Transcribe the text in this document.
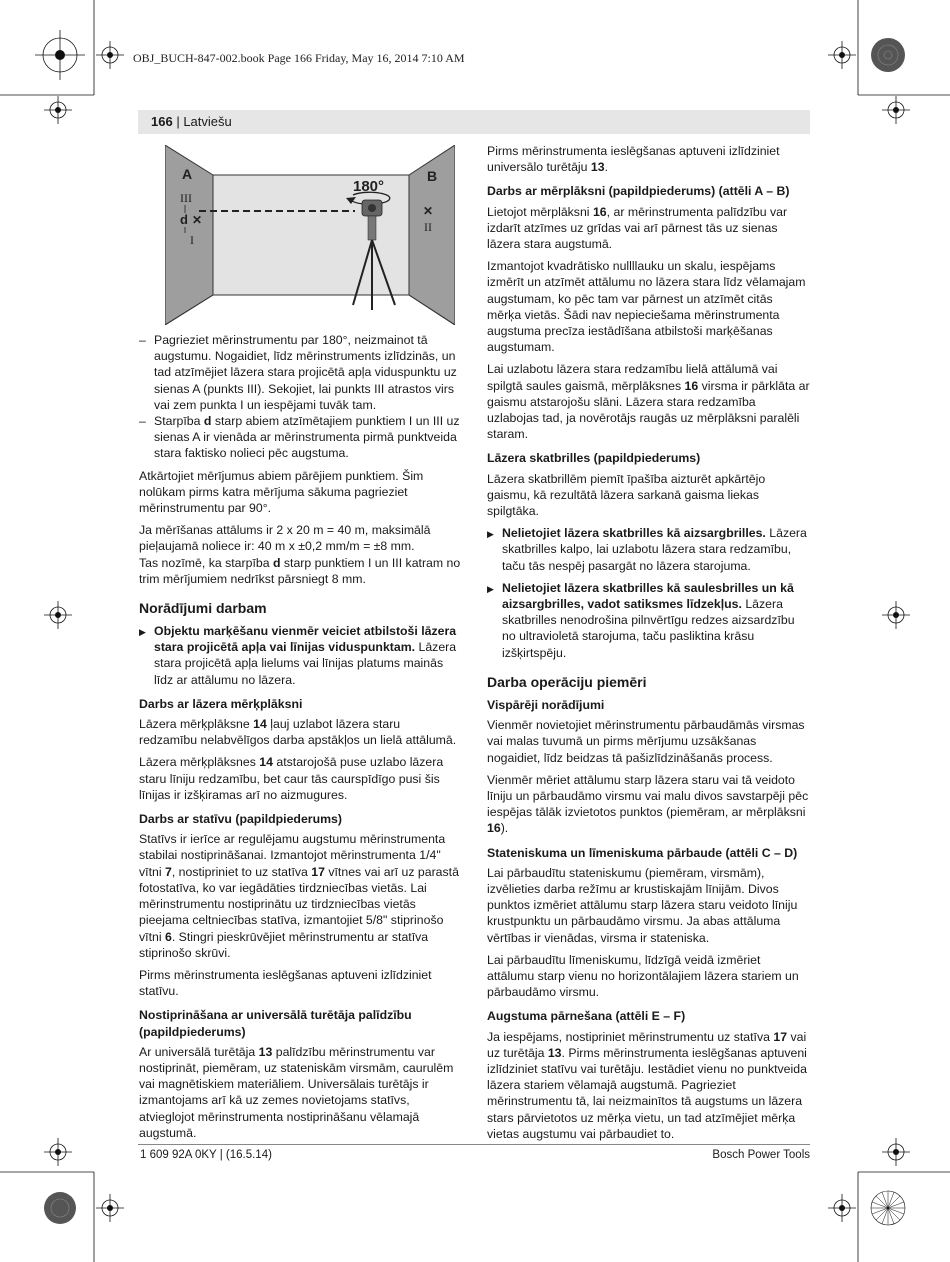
OBJ_BUCH-847-002.book Page 166 Friday, May 16, 2014 7:10 AM
166 | Latviešu
A	B
180°
III
d ✕
I
✕
II
– Pagrieziet mērinstrumentu par 180°, neizmainot tā augstumu. Nogaidiet, līdz mērinstruments izlīdzinās, un tad atzīmējiet lāzera stara projicētā apļa viduspunktu uz sienas A (punkts III). Sekojiet, lai punkts III atrastos virs vai zem punkta I un iespējami tuvāk tam.
– Starpība d starp abiem atzīmētajiem punktiem I un III uz sienas A ir vienāda ar mērinstrumenta pirmā punktveida stara faktisko nolieci pēc augstuma.

Atkārtojiet mērījumus abiem pārējiem punktiem. Šim nolūkam pirms katra mērījuma sākuma pagrieziet mērinstrumentu par 90°.

Ja mērīšanas attālums ir 2 x 20 m = 40 m, maksimālā pieļaujamā noliece ir: 40 m x ±0,2 mm/m = ±8 mm.

Tas nozīmē, ka starpība d starp punktiem I un III katram no trim mērījumiem nedrīkst pārsniegt 8 mm.

Norādījumi darbam
▶ Objektu marķēšanu vienmēr veiciet atbilstoši lāzera stara projicētā apļa vai līnijas viduspunktam. Lāzera stara projicētā apļa lielums vai līnijas platums mainās līdz ar attālumu no lāzera.
Darbs ar lāzera mērķplāksni

Lāzera mērķplāksne 14 ļauj uzlabot lāzera staru redzamību nelabvēlīgos darba apstākļos un lielā attālumā.

Lāzera mērķplāksnes 14 atstarojošā puse uzlabo lāzera staru līniju redzamību, bet caur tās caurspīdīgo pusi šis līnijas ir izšķiramas arī no aizmugures.

Darbs ar statīvu (papildpiederums)

Statīvs ir ierīce ar regulējamu augstumu mērinstrumenta stabilai nostiprināšanai. Izmantojot mērinstrumenta 1/4" vītni 7, nostipriniet to uz statīva 17 vītnes vai arī uz parastā fotostatīva, ko var iegādāties tirdzniecības vietās. Lai mērinstrumentu nostiprinātu uz tirdzniecības vietās pieejama celtniecības statīva, izmantojiet 5/8" stiprinošo vītni 6. Stingri pieskrūvējiet mērinstrumentu ar statīva stiprinošo skrūvi.

Pirms mērinstrumenta ieslēgšanas aptuveni izlīdziniet statīvu.

Nostiprināšana ar universālā turētāja palīdzību (papildpiederums)

Ar universālā turētāja 13 palīdzību mērinstrumentu var nostiprināt, piemēram, uz stateniskām virsmām, caurulēm vai magnētiskiem materiāliem. Universālais turētājs ir izmantojams arī kā uz zemes novietojams statīvs, atvieglojot mērinstrumenta nostiprināšanu vēlamajā augstumā.

Pirms mērinstrumenta ieslēgšanas aptuveni izlīdziniet universālo turētāju 13.

Darbs ar mērplāksni (papildpiederums) (attēli A – B)

Lietojot mērplāksni 16, ar mērinstrumenta palīdzību var izdarīt atzīmes uz grīdas vai arī pārnest tās uz sienas lāzera stara augstumā.

Izmantojot kvadrātisko nullllauku un skalu, iespējams izmērīt un atzīmēt attālumu no lāzera stara līdz vēlamajam augstumam, ko pēc tam var pārnest un atzīmēt citās mērķa vietās. Šādi nav nepieciešama mērinstrumenta augstuma precīza iestādīšana atbilstoši marķēšanas augstumam.

Lai uzlabotu lāzera stara redzamību lielā attālumā vai spilgtā saules gaismā, mērplāksnes 16 virsma ir pārklāta ar gaismu atstarojošu slāni. Lāzera stara redzamība uzlabojas tad, ja novērotājs raugās uz mērplāksni paralēli staram.

Lāzera skatbrilles (papildpiederums)

Lāzera skatbrillēm piemīt īpašība aizturēt apkārtējo gaismu, kā rezultātā lāzera sarkanā gaisma liekas spilgtāka.

▶ Nelietojiet lāzera skatbrilles kā aizsargbrilles. Lāzera skatbrilles kalpo, lai uzlabotu lāzera stara redzamību, taču tās nespēj pasargāt no lāzera starojuma.
▶ Nelietojiet lāzera skatbrilles kā saulesbrilles un kā aizsargbrilles, vadot satiksmes līdzekļus. Lāzera skatbrilles nenodrošina pilnvērtīgu redzes aizsardzību no ultravioletā starojuma, taču pasliktina krāsu izšķirtspēju.
Darba operāciju piemēri
Vispārēji norādījumi

Vienmēr novietojiet mērinstrumentu pārbaudāmās virsmas vai malas tuvumā un pirms mērījumu uzsākšanas nogaidiet, līdz beidzas tā pašizlīdzināšanās process.

Vienmēr mēriet attālumu starp lāzera staru vai tā veidoto līniju un pārbaudāmo virsmu vai malu divos savstarpēji pēc iespējas tālāk izvietotos punktos (piemēram, ar mērplāksni 16).

Stateniskuma un līmeniskuma pārbaude (attēli C – D)

Lai pārbaudītu stateniskumu (piemēram, virsmām), izvēlieties darba režīmu ar krustiskajām līnijām. Divos punktos izmēriet attālumu starp lāzera staru veidoto līniju krustpunktu un pārbaudāmo virsmu. Ja abas attāluma vērtības ir vienādas, virsma ir stateniska.

Lai pārbaudītu līmeniskumu, līdzīgā veidā izmēriet attālumu starp vienu no horizontālajiem lāzera stariem un pārbaudāmo virsmu.

Augstuma pārnešana (attēli E – F)

Ja iespējams, nostipriniet mērinstrumentu uz statīva 17 vai uz turētāja 13. Pirms mērinstrumenta ieslēgšanas aptuveni izlīdziniet statīvu vai turētāju. Iestādiet vienu no punktveida lāzera stariem vēlamajā augstumā. Pagrieziet mērinstrumentu tā, lai neizmainītos tā augstums un lāzera stars pārvietotos uz mērķa vietu, un tad atzīmējiet mērķa vietas augstumu vai pārbaudiet to.

1 609 92A 0KY | (16.5.14)	Bosch Power Tools
